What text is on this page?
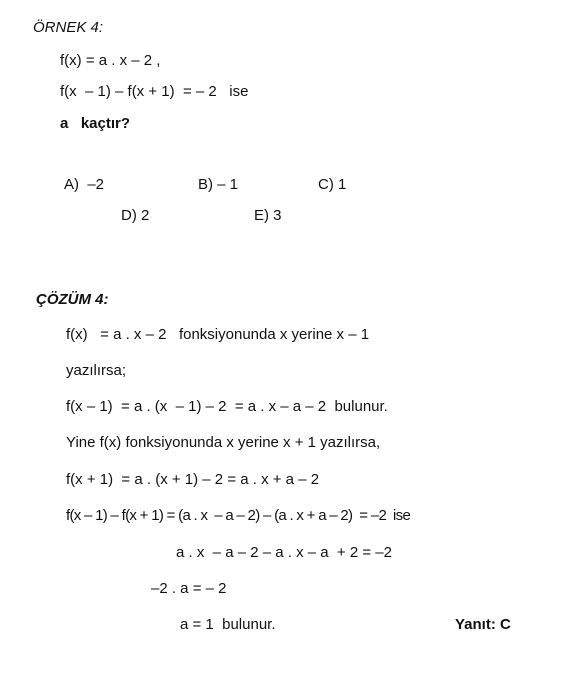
ÖRNEK 4:
f(x) = a . x – 2 ,
f(x  – 1) – f(x + 1)  = – 2   ise
a   kaçtır?
A)  –2	B) – 1	C) 1
D) 2	E) 3
ÇÖZÜM 4:
f(x)   = a . x – 2   fonksiyonunda x yerine x – 1
yazılırsa;
f(x – 1)  = a . (x  – 1) – 2  = a . x – a – 2  bulunur.
Yine f(x) fonksiyonunda x yerine x + 1 yazılırsa,
f(x + 1)  = a . (x + 1) – 2 = a . x + a – 2
f(x – 1) – f(x + 1) = (a . x  – a – 2) – (a . x + a – 2)  = –2  ise
a . x  – a – 2 – a . x – a  + 2 = –2
–2 . a = – 2
a = 1  bulunur.	Yanıt: C
